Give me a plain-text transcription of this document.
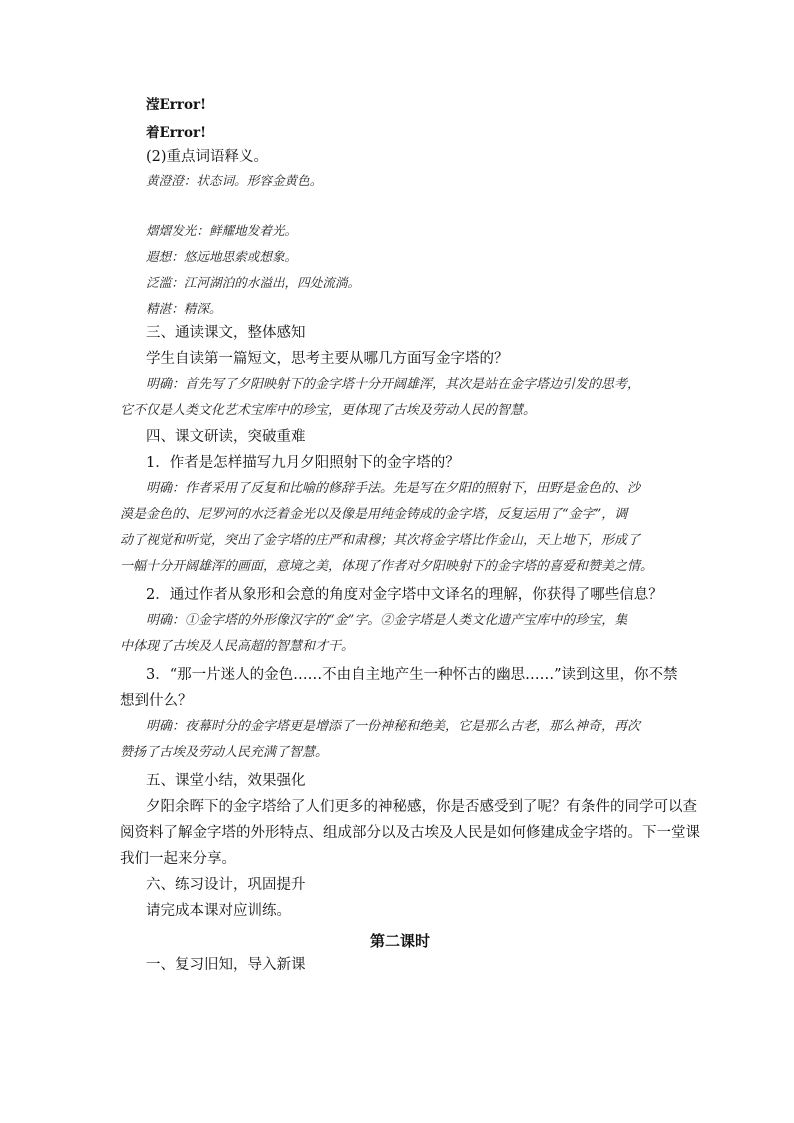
滢Error!

着Error!

(2)重点词语释义。

黄澄澄：状态词。形容金黄色。

熠熠发光：鲜耀地发着光。

遐想：悠远地思索或想象。

泛滥：江河湖泊的水溢出，四处流淌。

精湛：精深。

三、通读课文，整体感知

学生自读第一篇短文，思考主要从哪几方面写金字塔的？

明确：首先写了夕阳映射下的金字塔十分开阔雄浑，其次是站在金字塔边引发的思考，

它不仅是人类文化艺术宝库中的珍宝，更体现了古埃及劳动人民的智慧。

四、课文研读，突破重难

1．作者是怎样描写九月夕阳照射下的金字塔的？

明确：作者采用了反复和比喻的修辞手法。先是写在夕阳的照射下，田野是金色的、沙

漠是金色的、尼罗河的水泛着金光以及像是用纯金铸成的金字塔，反复运用了“金字”，调

动了视觉和听觉，突出了金字塔的庄严和肃穆；其次将金字塔比作金山，天上地下，形成了

一幅十分开阔雄浑的画面，意境之美，体现了作者对夕阳映射下的金字塔的喜爱和赞美之情。

2．通过作者从象形和会意的角度对金字塔中文译名的理解，你获得了哪些信息？

明确：①金字塔的外形像汉字的“金”字。②金字塔是人类文化遗产宝库中的珍宝，集

中体现了古埃及人民高超的智慧和才干。

3．“那一片迷人的金色……不由自主地产生一种怀古的幽思……”读到这里，你不禁

想到什么？

明确：夜幕时分的金字塔更是增添了一份神秘和绝美，它是那么古老，那么神奇，再次

赞扬了古埃及劳动人民充满了智慧。

五、课堂小结，效果强化

夕阳余晖下的金字塔给了人们更多的神秘感，你是否感受到了呢？有条件的同学可以查

阅资料了解金字塔的外形特点、组成部分以及古埃及人民是如何修建成金字塔的。下一堂课

我们一起来分享。

六、练习设计，巩固提升

请完成本课对应训练。

第二课时

一、复习旧知，导入新课
